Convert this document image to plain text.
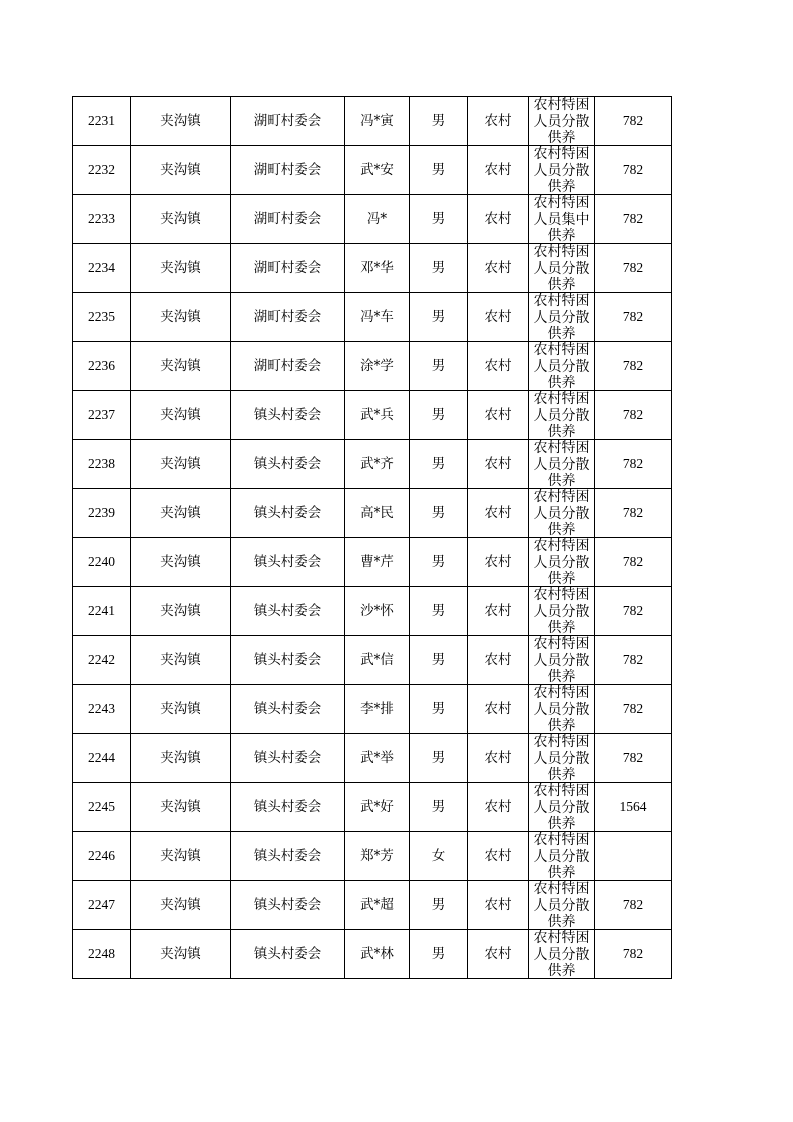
2231	夹沟镇	湖町村委会	冯*寅	男	农村	农村特困人员分散供养	782
2232	夹沟镇	湖町村委会	武*安	男	农村	农村特困人员分散供养	782
2233	夹沟镇	湖町村委会	冯*	男	农村	农村特困人员集中供养	782
2234	夹沟镇	湖町村委会	邓*华	男	农村	农村特困人员分散供养	782
2235	夹沟镇	湖町村委会	冯*车	男	农村	农村特困人员分散供养	782
2236	夹沟镇	湖町村委会	涂*学	男	农村	农村特困人员分散供养	782
2237	夹沟镇	镇头村委会	武*兵	男	农村	农村特困人员分散供养	782
2238	夹沟镇	镇头村委会	武*齐	男	农村	农村特困人员分散供养	782
2239	夹沟镇	镇头村委会	高*民	男	农村	农村特困人员分散供养	782
2240	夹沟镇	镇头村委会	曹*芹	男	农村	农村特困人员分散供养	782
2241	夹沟镇	镇头村委会	沙*怀	男	农村	农村特困人员分散供养	782
2242	夹沟镇	镇头村委会	武*信	男	农村	农村特困人员分散供养	782
2243	夹沟镇	镇头村委会	李*排	男	农村	农村特困人员分散供养	782
2244	夹沟镇	镇头村委会	武*举	男	农村	农村特困人员分散供养	782
2245	夹沟镇	镇头村委会	武*好	男	农村	农村特困人员分散供养	1564
2246	夹沟镇	镇头村委会	郑*芳	女	农村	农村特困人员分散供养	

2247	夹沟镇	镇头村委会	武*超	男	农村	农村特困人员分散供养	782
2248	夹沟镇	镇头村委会	武*林	男	农村	农村特困人员分散供养	782
